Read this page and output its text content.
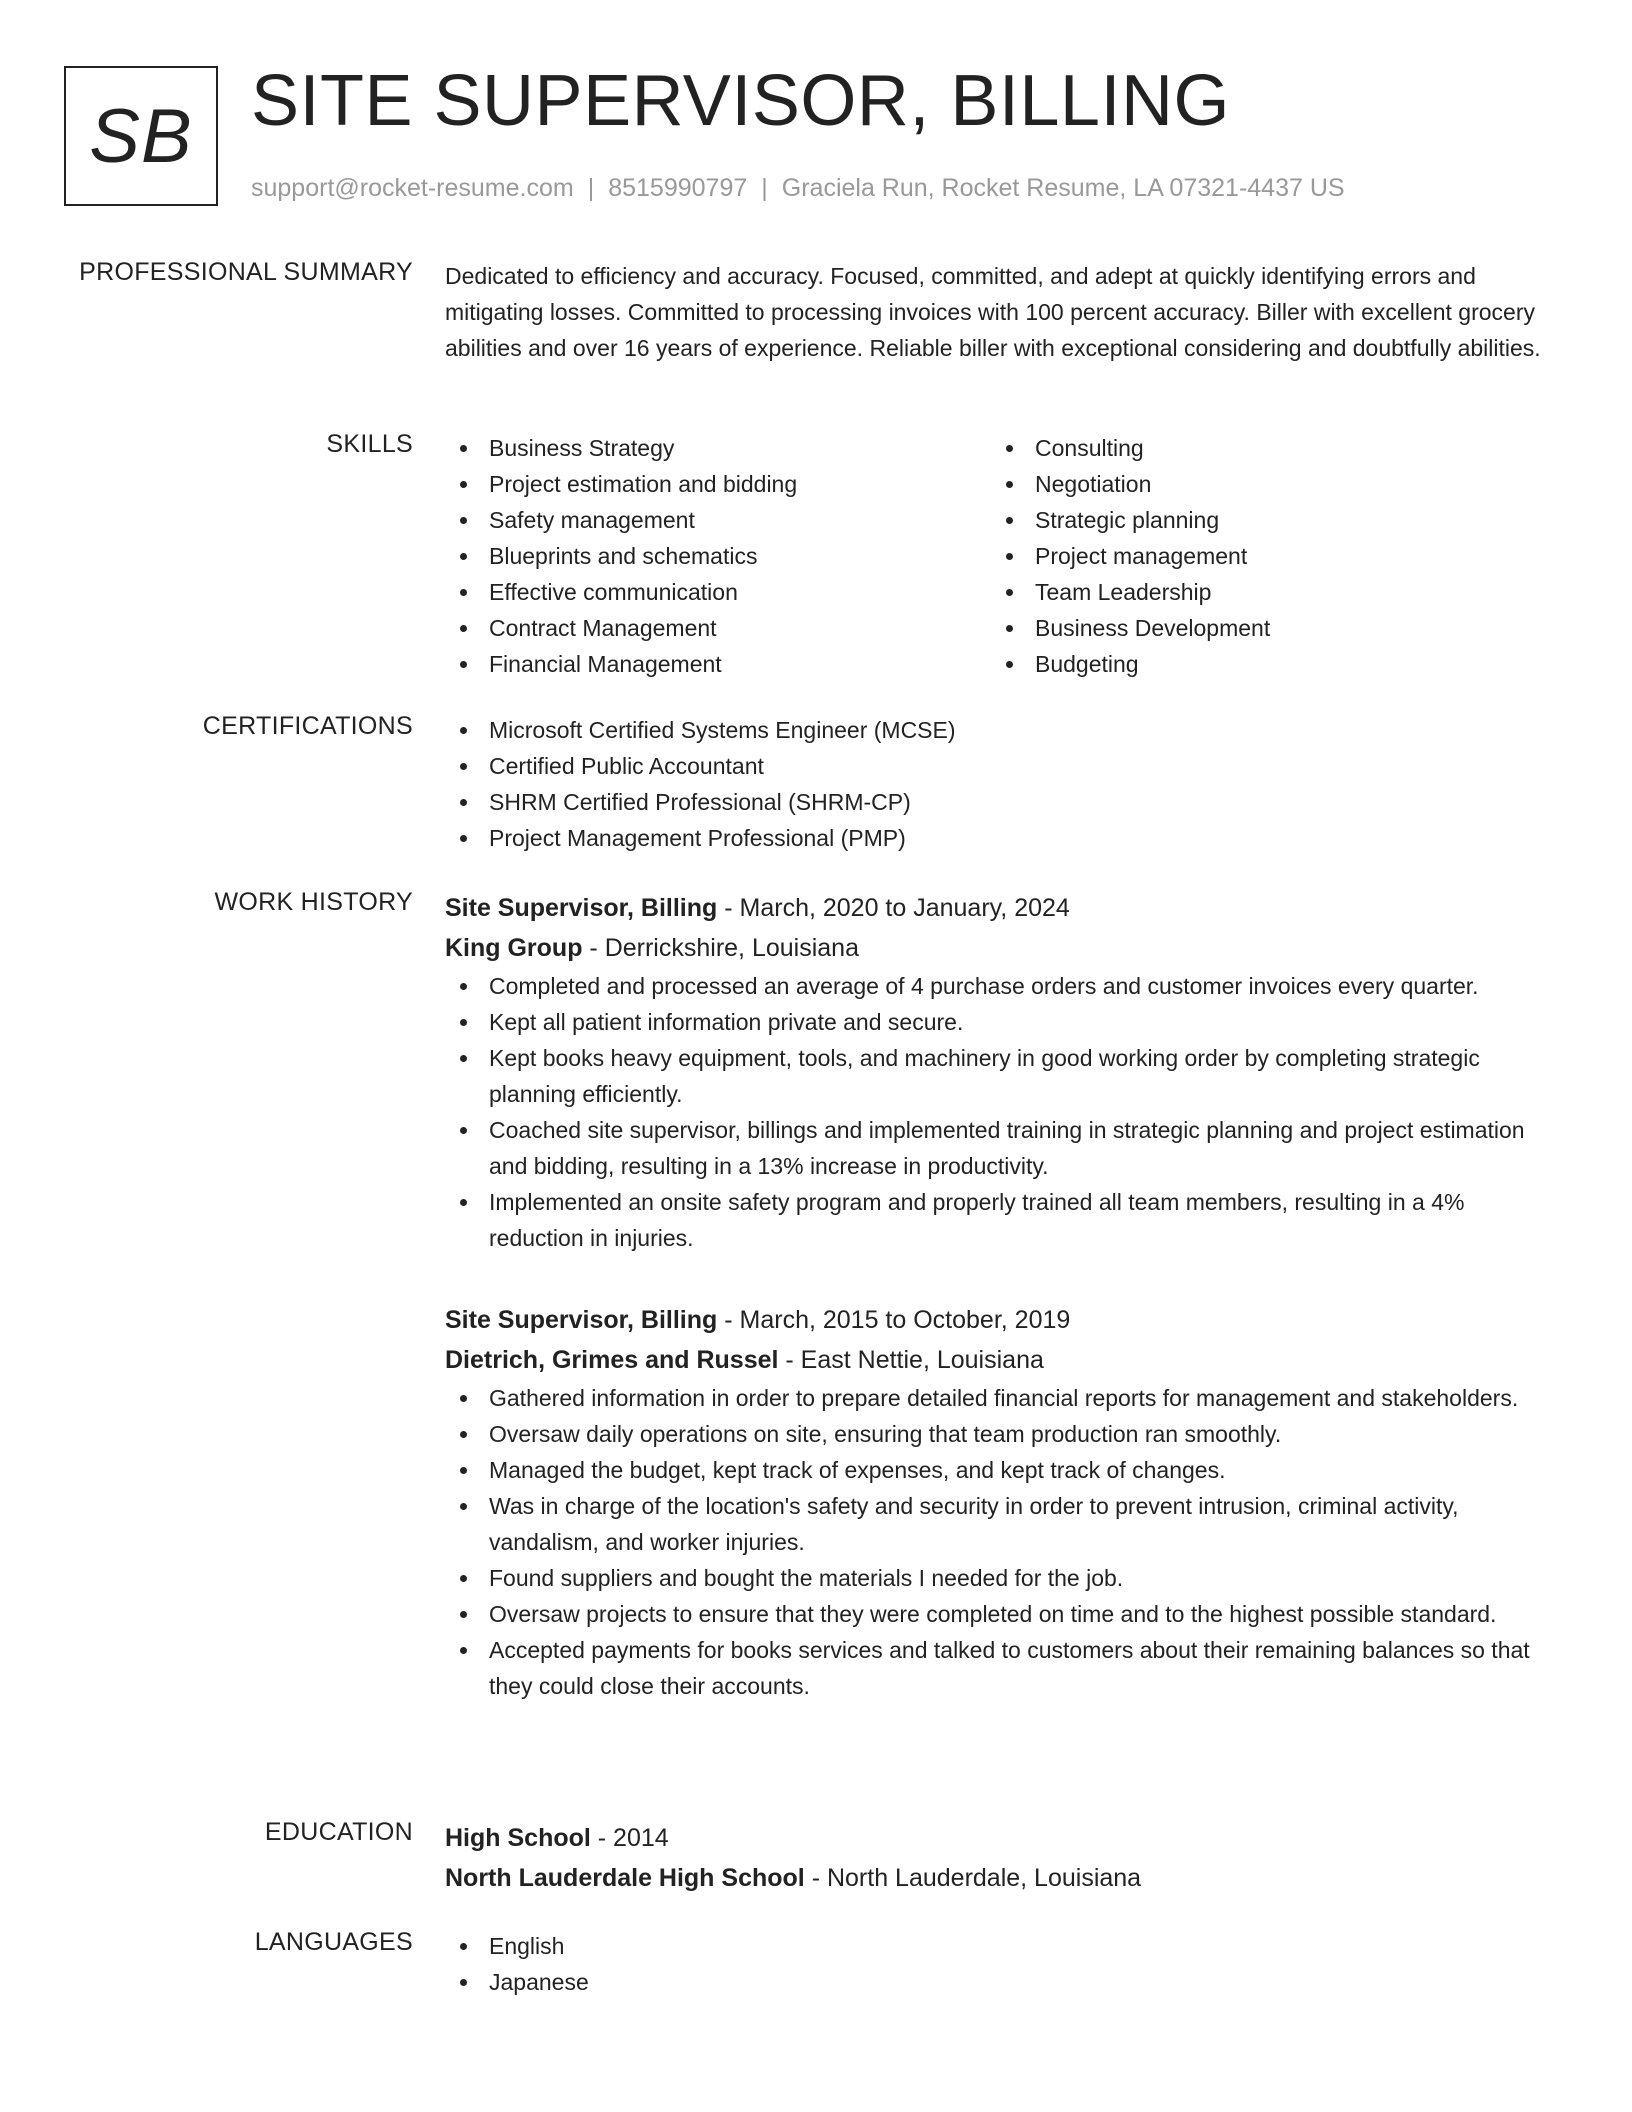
SB SITE SUPERVISOR, BILLING
support@rocket-resume.com | 8515990797 | Graciela Run, Rocket Resume, LA 07321-4437 US
PROFESSIONAL SUMMARY Dedicated to efficiency and accuracy. Focused, committed, and adept at quickly identifying errors and mitigating losses. Committed to processing invoices with 100 percent accuracy. Biller with excellent grocery abilities and over 16 years of experience. Reliable biller with exceptional considering and doubtfully abilities.

SKILLS	Business Strategy
Project estimation and bidding
Safety management
Blueprints and schematics
Effective communication
Contract Management
Financial Management
Consulting
Negotiation
Strategic planning
Project management
Team Leadership
Business Development
Budgeting
CERTIFICATIONS	Microsoft Certified Systems Engineer (MCSE)
Certified Public Accountant
SHRM Certified Professional (SHRM-CP)
Project Management Professional (PMP)
WORK HISTORY Site Supervisor, Billing - March, 2020 to January, 2024
King Group - Derrickshire, Louisiana
Completed and processed an average of 4 purchase orders and customer invoices every quarter.
Kept all patient information private and secure.
Kept books heavy equipment, tools, and machinery in good working order by completing strategic planning efficiently.
Coached site supervisor, billings and implemented training in strategic planning and project estimation and bidding, resulting in a 13% increase in productivity.
Implemented an onsite safety program and properly trained all team members, resulting in a 4% reduction in injuries.
Site Supervisor, Billing - March, 2015 to October, 2019
Dietrich, Grimes and Russel - East Nettie, Louisiana
Gathered information in order to prepare detailed financial reports for management and stakeholders.
Oversaw daily operations on site, ensuring that team production ran smoothly.
Managed the budget, kept track of expenses, and kept track of changes.
Was in charge of the location's safety and security in order to prevent intrusion, criminal activity, vandalism, and worker injuries.
Found suppliers and bought the materials I needed for the job.
Oversaw projects to ensure that they were completed on time and to the highest possible standard.
Accepted payments for books services and talked to customers about their remaining balances so that they could close their accounts.
EDUCATION High School - 2014
North Lauderdale High School - North Lauderdale, Louisiana
LANGUAGES	English
Japanese
